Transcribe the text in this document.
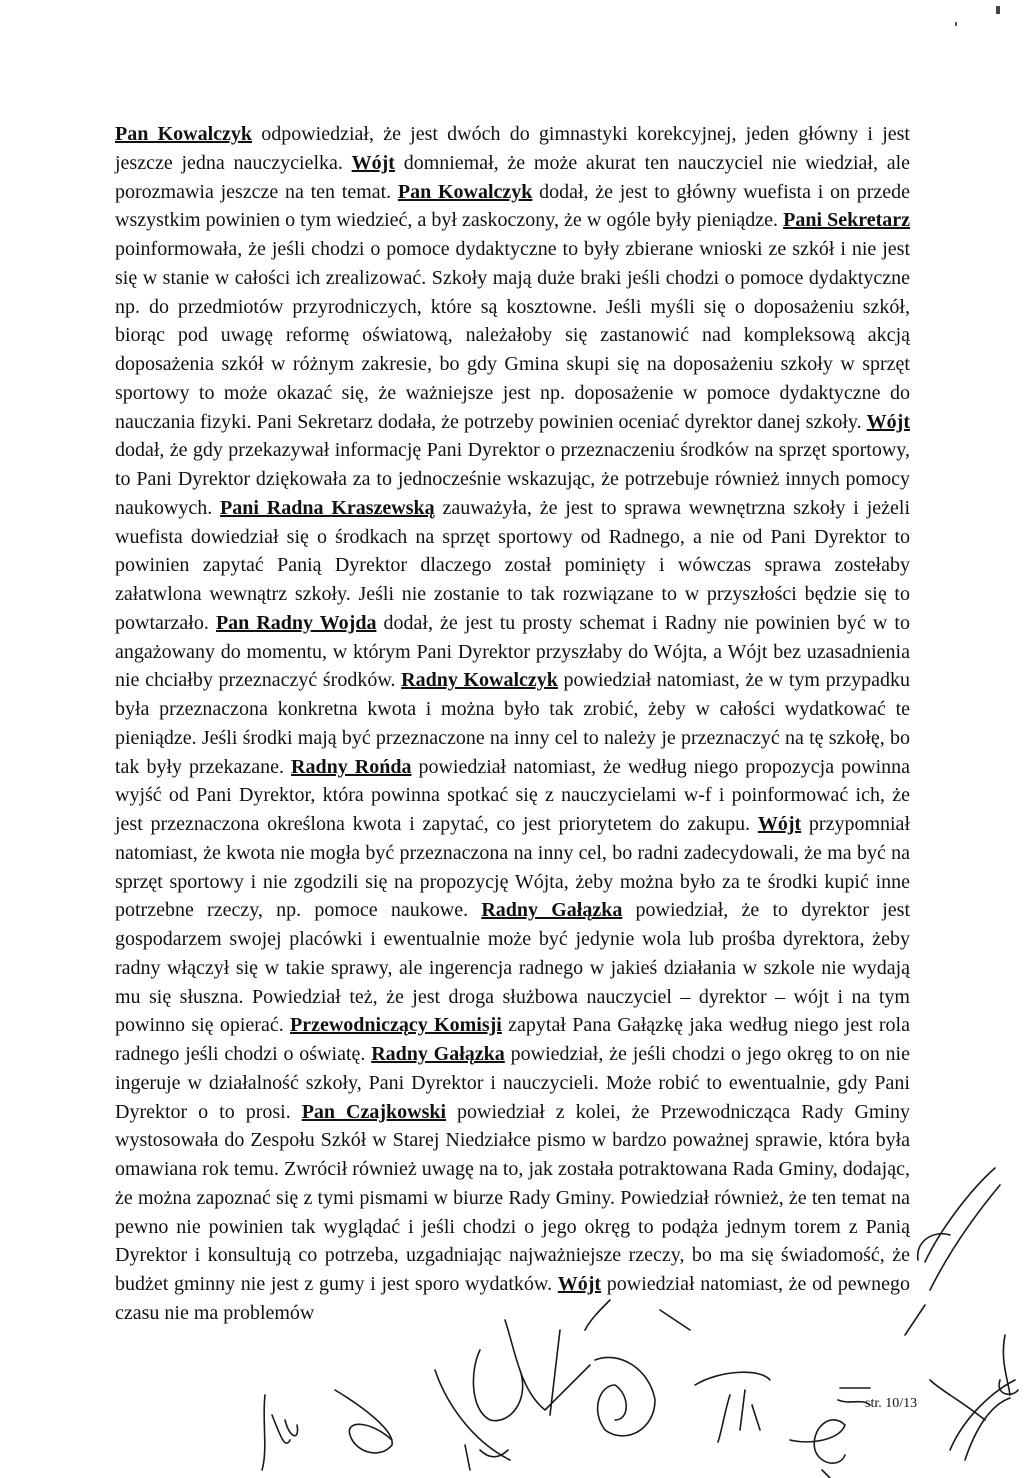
Pan Kowalczyk odpowiedział, że jest dwóch do gimnastyki korekcyjnej, jeden główny i jest jeszcze jedna nauczycielka. Wójt domniemał, że może akurat ten nauczyciel nie wiedział, ale porozmawia jeszcze na ten temat. Pan Kowalczyk dodał, że jest to główny wuefista i on przede wszystkim powinien o tym wiedzieć, a był zaskoczony, że w ogóle były pieniądze. Pani Sekretarz poinformowała, że jeśli chodzi o pomoce dydaktyczne to były zbierane wnioski ze szkół i nie jest się w stanie w całości ich zrealizować. Szkoły mają duże braki jeśli chodzi o pomoce dydaktyczne np. do przedmiotów przyrodniczych, które są kosztowne. Jeśli myśli się o doposażeniu szkół, biorąc pod uwagę reformę oświatową, należałoby się zastanowić nad kompleksową akcją doposażenia szkół w różnym zakresie, bo gdy Gmina skupi się na doposażeniu szkoły w sprzęt sportowy to może okazać się, że ważniejsze jest np. doposażenie w pomoce dydaktyczne do nauczania fizyki. Pani Sekretarz dodała, że potrzeby powinien oceniać dyrektor danej szkoły. Wójt dodał, że gdy przekazywał informację Pani Dyrektor o przeznaczeniu środków na sprzęt sportowy, to Pani Dyrektor dziękowała za to jednocześnie wskazując, że potrzebuje również innych pomocy naukowych. Pani Radna Kraszewską zauważyła, że jest to sprawa wewnętrzna szkoły i jeżeli wuefista dowiedział się o środkach na sprzęt sportowy od Radnego, a nie od Pani Dyrektor to powinien zapytać Panią Dyrektor dlaczego został pominięty i wówczas sprawa zostełaby załatwlona wewnątrz szkoły. Jeśli nie zostanie to tak rozwiązane to w przyszłości będzie się to powtarzało. Pan Radny Wojda dodał, że jest tu prosty schemat i Radny nie powinien być w to angażowany do momentu, w którym Pani Dyrektor przyszłaby do Wójta, a Wójt bez uzasadnienia nie chciałby przeznaczyć środków. Radny Kowalczyk powiedział natomiast, że w tym przypadku była przeznaczona konkretna kwota i można było tak zrobić, żeby w całości wydatkować te pieniądze. Jeśli środki mają być przeznaczone na inny cel to należy je przeznaczyć na tę szkołę, bo tak były przekazane. Radny Rońda powiedział natomiast, że według niego propozycja powinna wyjść od Pani Dyrektor, która powinna spotkać się z nauczycielami w-f i poinformować ich, że jest przeznaczona określona kwota i zapytać, co jest priorytetem do zakupu. Wójt przypomniał natomiast, że kwota nie mogła być przeznaczona na inny cel, bo radni zadecydowali, że ma być na sprzęt sportowy i nie zgodzili się na propozycję Wójta, żeby można było za te środki kupić inne potrzebne rzeczy, np. pomoce naukowe. Radny Gałązka powiedział, że to dyrektor jest gospodarzem swojej placówki i ewentualnie może być jedynie wola lub prośba dyrektora, żeby radny włączył się w takie sprawy, ale ingerencja radnego w jakieś działania w szkole nie wydają mu się słuszna. Powiedział też, że jest droga służbowa nauczyciel – dyrektor – wójt i na tym powinno się opierać. Przewodniczący Komisji zapytał Pana Gałązkę jaka według niego jest rola radnego jeśli chodzi o oświatę. Radny Gałązka powiedział, że jeśli chodzi o jego okręg to on nie ingeruje w działalność szkoły, Pani Dyrektor i nauczycieli. Może robić to ewentualnie, gdy Pani Dyrektor o to prosi. Pan Czajkowski powiedział z kolei, że Przewodnicząca Rady Gminy wystosowała do Zespołu Szkół w Starej Niedziałce pismo w bardzo poważnej sprawie, która była omawiana rok temu. Zwrócił również uwagę na to, jak została potraktowana Rada Gminy, dodając, że można zapoznać się z tymi pismami w biurze Rady Gminy. Powiedział również, że ten temat na pewno nie powinien tak wyglądać i jeśli chodzi o jego okręg to podąża jednym torem z Panią Dyrektor i konsultują co potrzeba, uzgadniając najważniejsze rzeczy, bo ma się świadomość, że budżet gminny nie jest z gumy i jest sporo wydatków. Wójt powiedział natomiast, że od pewnego czasu nie ma problemów
str. 10/13
